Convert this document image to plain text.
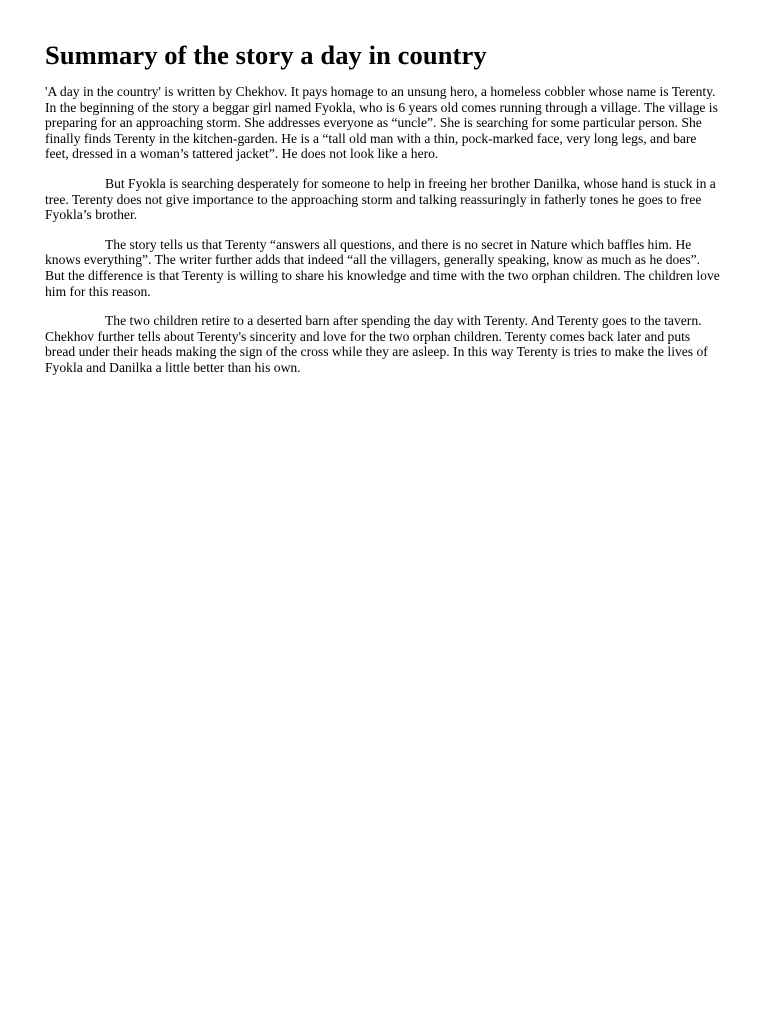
Summary of the story a day in country

'A day in the country' is written by Chekhov. It pays homage to an unsung hero, a homeless cobbler whose name is Terenty. In the beginning of the story a beggar girl named Fyokla, who is 6 years old comes running through a village. The village is preparing for an approaching storm. She addresses everyone as “uncle”. She is searching for some particular person. She finally finds Terenty in the kitchen-garden. He is a “tall old man with a thin, pock-marked face, very long legs, and bare feet, dressed in a woman’s tattered jacket”. He does not look like a hero.

But Fyokla is searching desperately for someone to help in freeing her brother Danilka, whose hand is stuck in a tree. Terenty does not give importance to the approaching storm and talking reassuringly in fatherly tones he goes to free Fyokla’s brother.

The story tells us that Terenty “answers all questions, and there is no secret in Nature which baffles him. He knows everything”. The writer further adds that indeed “all the villagers, generally speaking, know as much as he does”. But the difference is that Terenty is willing to share his knowledge and time with the two orphan children. The children love him for this reason.

The two children retire to a deserted barn after spending the day with Terenty. And Terenty goes to the tavern. Chekhov further tells about Terenty's sincerity and love for the two orphan children. Terenty comes back later and puts bread under their heads making the sign of the cross while they are asleep. In this way Terenty is tries to make the lives of Fyokla and Danilka a little better than his own.
